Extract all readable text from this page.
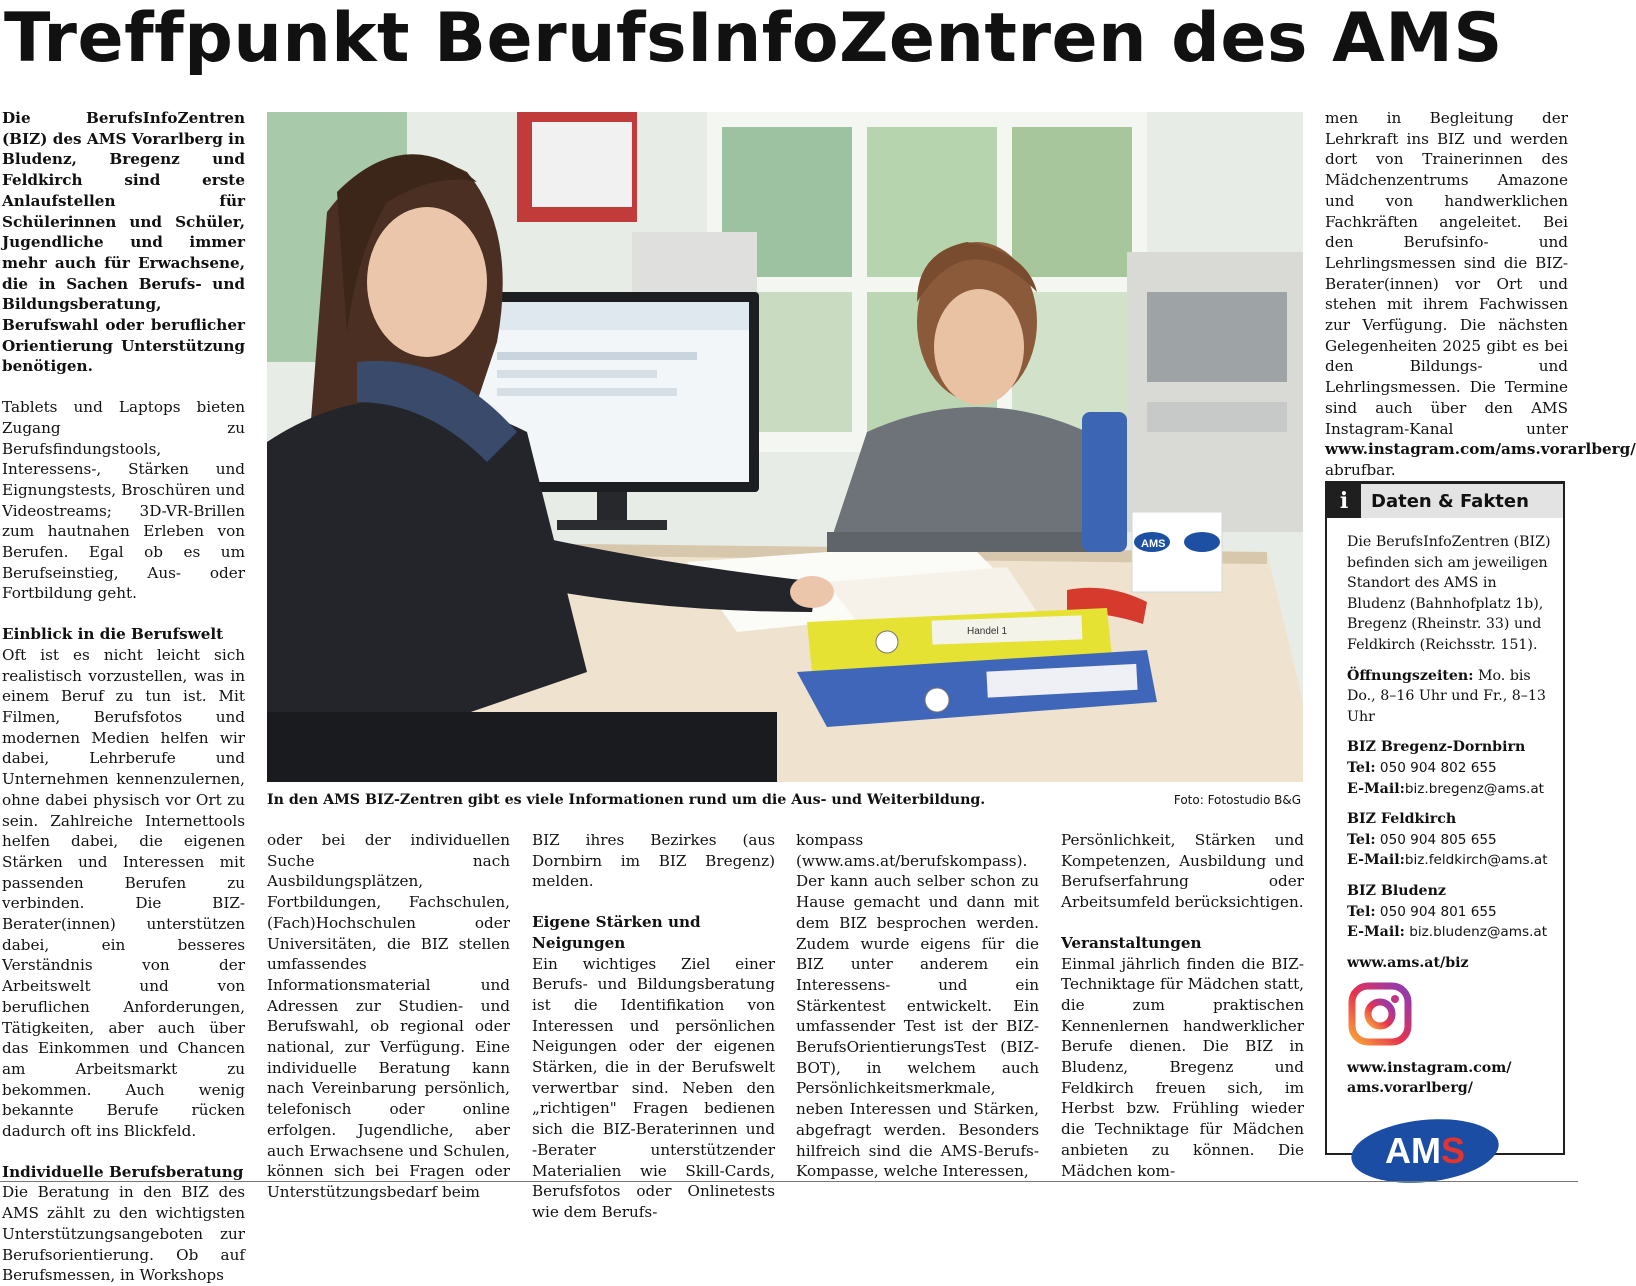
Treffpunkt BerufsInfoZentren des AMS

Die BerufsInfoZentren (BIZ) des AMS Vorarlberg in Bludenz, Bregenz und Feldkirch sind erste Anlaufstellen für Schülerinnen und Schüler, Jugendliche und immer mehr auch für Erwachsene, die in Sachen Berufs- und Bildungsberatung, Berufswahl oder beruflicher Orientierung Unterstützung benötigen.

Tablets und Laptops bieten Zugang zu Berufsfindungstools, Interessens-, Stärken und Eignungstests, Broschüren und Videostreams; 3D-VR-Brillen zum hautnahen Erleben von Berufen. Egal ob es um Berufseinstieg, Aus- oder Fortbildung geht.

Einblick in die Berufswelt

Oft ist es nicht leicht sich realistisch vorzustellen, was in einem Beruf zu tun ist. Mit Filmen, Berufsfotos und modernen Medien helfen wir dabei, Lehrberufe und Unternehmen kennenzulernen, ohne dabei physisch vor Ort zu sein. Zahlreiche Internettools helfen dabei, die eigenen Stärken und Interessen mit passenden Berufen zu verbinden. Die BIZ-Berater(innen) unterstützen dabei, ein besseres Verständnis von der Arbeitswelt und von beruflichen Anforderungen, Tätigkeiten, aber auch über das Einkommen und Chancen am Arbeitsmarkt zu bekommen. Auch wenig bekannte Berufe rücken dadurch oft ins Blickfeld.

Individuelle Berufsberatung

Die Beratung in den BIZ des AMS zählt zu den wichtigsten Unterstützungsangeboten zur Berufsorientierung. Ob auf Berufsmessen, in Workshops

AMS
Handel 1
In den AMS BIZ-Zentren gibt es viele Informationen rund um die Aus- und Weiterbildung.	Foto: Fotostudio B&G

oder bei der individuellen Suche nach Ausbildungsplätzen, Fortbildungen, Fachschulen, (Fach)Hochschulen oder Universitäten, die BIZ stellen umfassendes Informationsmaterial und Adressen zur Studien- und Berufswahl, ob regional oder national, zur Verfügung. Eine individuelle Beratung kann nach Vereinbarung persönlich, telefonisch oder online erfolgen. Jugendliche, aber auch Erwachsene und Schulen, können sich bei Fragen oder Unterstützungsbedarf beim

BIZ ihres Bezirkes (aus Dornbirn im BIZ Bregenz) melden.

Eigene Stärken und Neigungen

Ein wichtiges Ziel einer Berufs- und Bildungsberatung ist die Identifikation von Interessen und persönlichen Neigungen oder der eigenen Stärken, die in der Berufswelt verwertbar sind. Neben den „richtigen" Fragen bedienen sich die BIZ-Beraterinnen und -Berater unterstützender Materialien wie Skill-Cards, Berufsfotos oder Onlinetests wie dem Berufs-

kompass (www.ams.at/berufskompass). Der kann auch selber schon zu Hause gemacht und dann mit dem BIZ besprochen werden. Zudem wurde eigens für die BIZ unter anderem ein Interessens- und ein Stärkentest entwickelt. Ein umfassender Test ist der BIZ-BerufsOrientierungsTest (BIZ-BOT), in welchem auch Persönlichkeitsmerkmale, neben Interessen und Stärken, abgefragt werden. Besonders hilfreich sind die AMS-Berufs-Kompasse, welche Interessen,

Persönlichkeit, Stärken und Kompetenzen, Ausbildung und Berufserfahrung oder Arbeitsumfeld berücksichtigen.

Veranstaltungen

Einmal jährlich finden die BIZ- Techniktage für Mädchen statt, die zum praktischen Kennenlernen handwerklicher Berufe dienen. Die BIZ in Bludenz, Bregenz und Feldkirch freuen sich, im Herbst bzw. Frühling wieder die Techniktage für Mädchen anbieten zu können. Die Mädchen kom-

men in Begleitung der Lehrkraft ins BIZ und werden dort von Trainerinnen des Mädchenzentrums Amazone und von handwerklichen Fachkräften angeleitet. Bei den Berufsinfo- und Lehrlingsmessen sind die BIZ-Berater(innen) vor Ort und stehen mit ihrem Fachwissen zur Verfügung. Die nächsten Gelegenheiten 2025 gibt es bei den Bildungs- und Lehrlingsmessen. Die Termine sind auch über den AMS Instagram-Kanal unter www.instagram.com/ams.vorarlberg/ abrufbar.

i	Daten & Fakten

Die BerufsInfoZentren (BIZ) befinden sich am jeweiligen Standort des AMS in Bludenz (Bahnhofplatz 1b), Bregenz (Rheinstr. 33) und Feldkirch (Reichsstr. 151).

Öffnungszeiten: Mo. bis Do., 8–16 Uhr und Fr., 8–13 Uhr

BIZ Bregenz-Dornbirn

Tel: 050 904 802 655

E-Mail:biz.bregenz@ams.at

BIZ Feldkirch

Tel: 050 904 805 655

E-Mail:biz.feldkirch@ams.at

BIZ Bludenz

Tel: 050 904 801 655

E-Mail: biz.bludenz@ams.at

www.ams.at/biz

www.instagram.com/ ams.vorarlberg/

AMS
